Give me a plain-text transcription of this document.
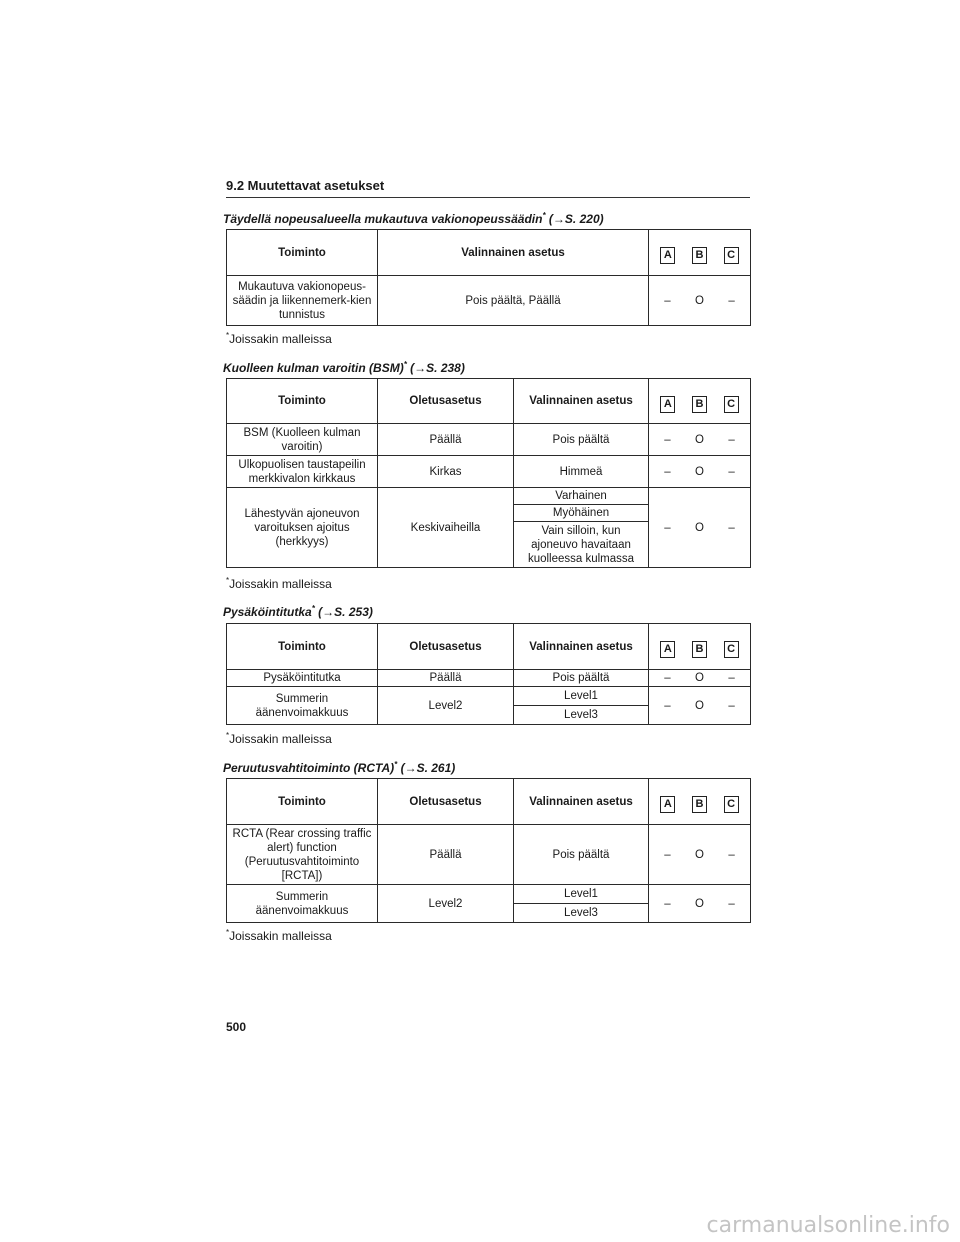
9.2 Muutettavat asetukset
Täydellä nopeusalueella mukautuva vakionopeussäädin* (→S. 220)
Toiminto	Valinnainen asetus	A B C

Mukautuva vakionopeus-säädin ja liikennemerk-kien tunnistus	Pois päältä, Päällä	– O –
*Joissakin malleissa
Kuolleen kulman varoitin (BSM)* (→S. 238)
Toiminto	Oletusasetus	Valinnainen asetus	A B C

BSM (Kuolleen kulman varoitin)	Päällä	Pois päältä	– O –

Ulkopuolisen taustapeilin merkkivalon kirkkaus	Kirkas	Himmeä	– O –

Lähestyvän ajoneuvon varoituksen ajoitus (herkkyys)	Keskivaiheilla	Varhainen	– O –

		Myöhäinen	
		Vain silloin, kun ajoneuvo havaitaan kuolleessa kulmassa	
*Joissakin malleissa
Pysäköintitutka* (→S. 253)
Toiminto	Oletusasetus	Valinnainen asetus	A B C

Pysäköintitutka	Päällä	Pois päältä	– O –

Summerin äänenvoimakkuus	Level2	Level1	– O –

		Level3	
*Joissakin malleissa
Peruutusvahtitoiminto (RCTA)* (→S. 261)
Toiminto	Oletusasetus	Valinnainen asetus	A B C

RCTA (Rear crossing traffic alert) function (Peruutusvahtitoiminto [RCTA])	Päällä	Pois päältä	– O –

Summerin äänenvoimakkuus	Level2	Level1	– O –

		Level3	
*Joissakin malleissa
500
carmanualsonline.info
